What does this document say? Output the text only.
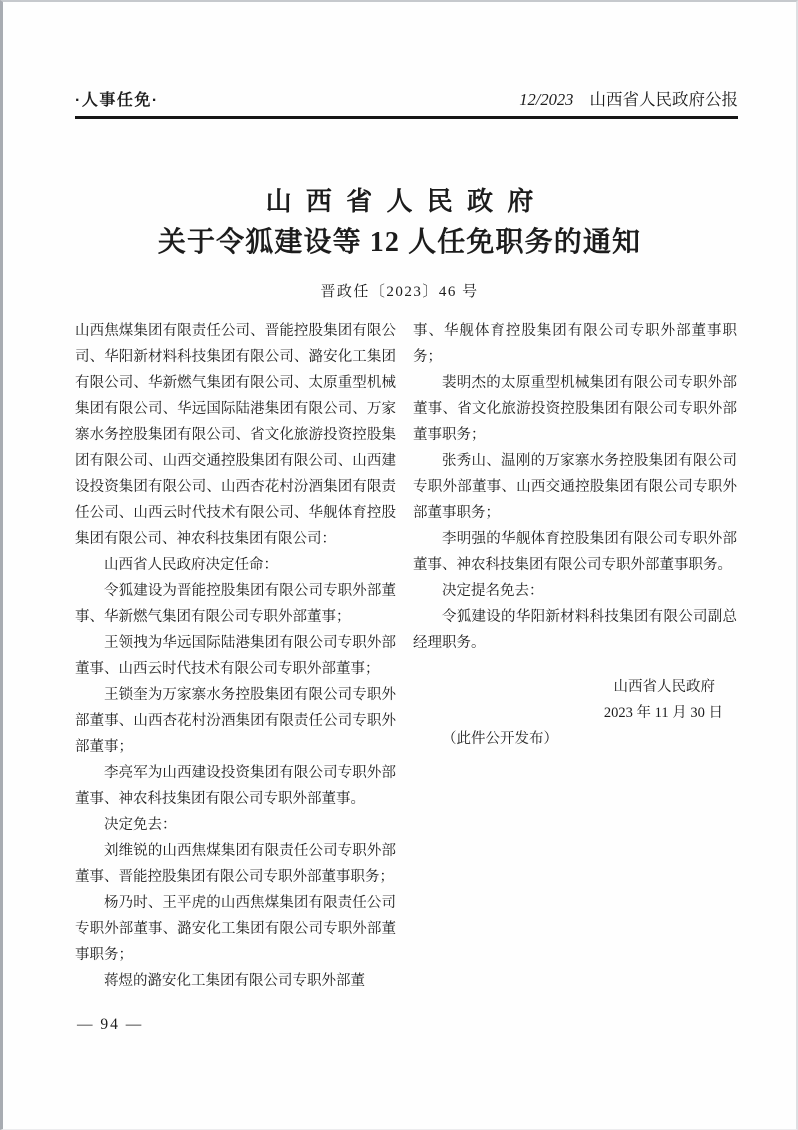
·人事任免·	12/2023 山西省人民政府公报
山西省人民政府
关于令狐建设等 12 人任免职务的通知
晋政任〔2023〕46 号

山西焦煤集团有限责任公司、晋能控股集团有限公司、华阳新材料科技集团有限公司、潞安化工集团有限公司、华新燃气集团有限公司、太原重型机械集团有限公司、华远国际陆港集团有限公司、万家寨水务控股集团有限公司、省文化旅游投资控股集团有限公司、山西交通控股集团有限公司、山西建设投资集团有限公司、山西杏花村汾酒集团有限责任公司、山西云时代技术有限公司、华舰体育控股集团有限公司、神农科技集团有限公司：

山西省人民政府决定任命：

令狐建设为晋能控股集团有限公司专职外部董事、华新燃气集团有限公司专职外部董事；

王领拽为华远国际陆港集团有限公司专职外部董事、山西云时代技术有限公司专职外部董事；

王锁奎为万家寨水务控股集团有限公司专职外部董事、山西杏花村汾酒集团有限责任公司专职外部董事；

李亮军为山西建设投资集团有限公司专职外部董事、神农科技集团有限公司专职外部董事。

决定免去：

刘维锐的山西焦煤集团有限责任公司专职外部董事、晋能控股集团有限公司专职外部董事职务；

杨乃时、王平虎的山西焦煤集团有限责任公司专职外部董事、潞安化工集团有限公司专职外部董事职务；

蒋煜的潞安化工集团有限公司专职外部董

事、华舰体育控股集团有限公司专职外部董事职务；

裴明杰的太原重型机械集团有限公司专职外部董事、省文化旅游投资控股集团有限公司专职外部董事职务；

张秀山、温刚的万家寨水务控股集团有限公司专职外部董事、山西交通控股集团有限公司专职外部董事职务；

李明强的华舰体育控股集团有限公司专职外部董事、神农科技集团有限公司专职外部董事职务。

决定提名免去：

令狐建设的华阳新材料科技集团有限公司副总经理职务。

山西省人民政府

2023 年 11 月 30 日

（此件公开发布）

— 94 —
